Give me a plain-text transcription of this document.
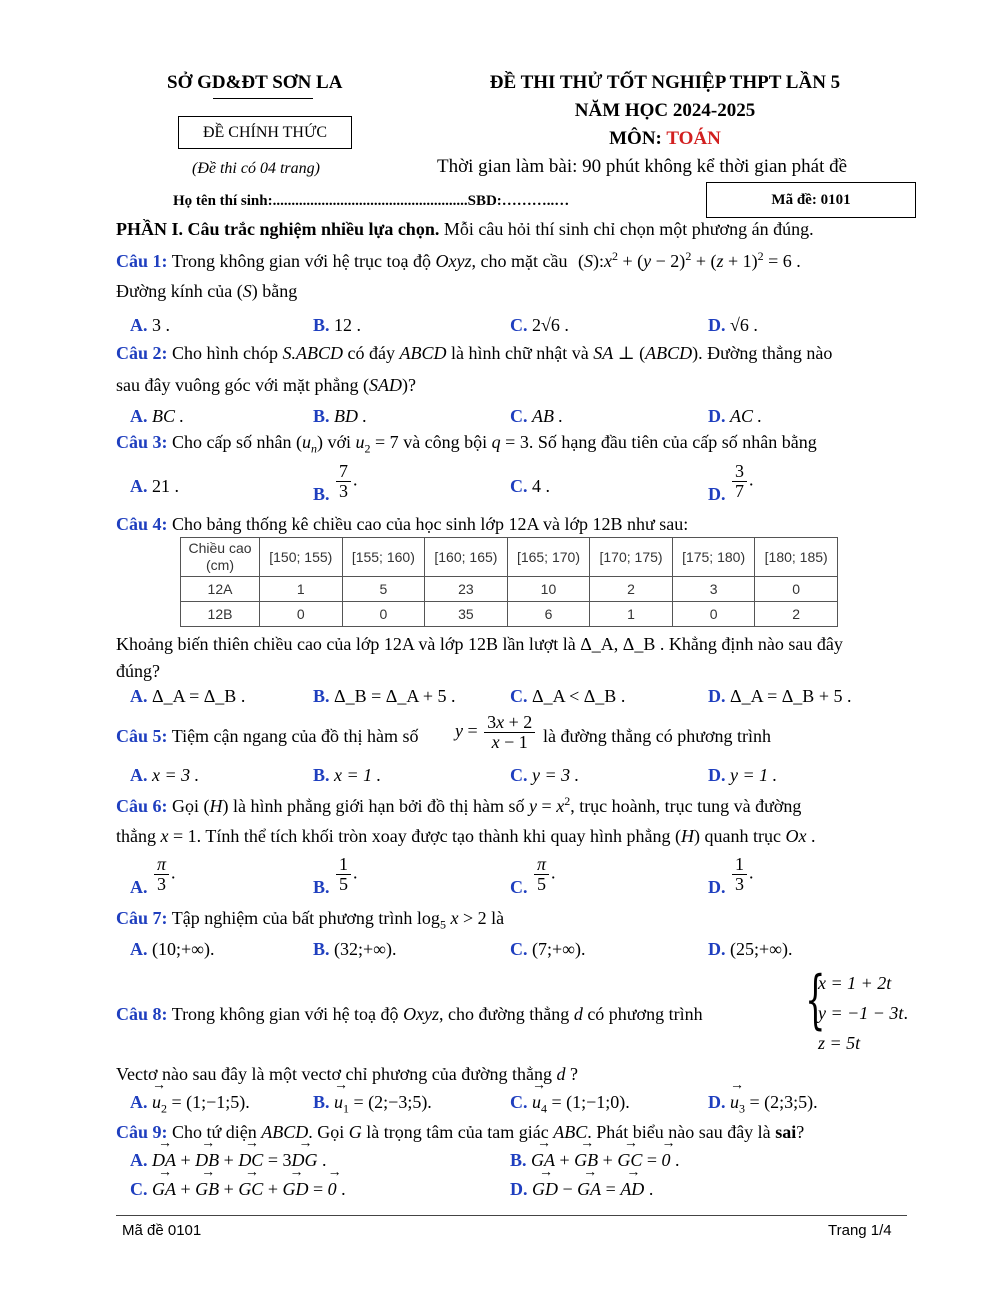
SỞ GD&ĐT SƠN LA
ĐỀ CHÍNH THỨC
(Đề thi có 04 trang)
ĐỀ THI THỬ TỐT NGHIỆP THPT LẦN 5
NĂM HỌC 2024-2025
MÔN: TOÁN
Thời gian làm bài: 90 phút không kể thời gian phát đề
Họ tên thí sinh:....................................................SBD:………..…	Mã đề: 0101
PHẦN I. Câu trắc nghiệm nhiều lựa chọn. Mỗi câu hỏi thí sinh chỉ chọn một phương án đúng.
Câu 1: Trong không gian với hệ trục toạ độ Oxyz, cho mặt cầu $(S):x^2 + (y - 2)^2 + (z + 1)^2 = 6$ .
Đường kính của (S) bằng
A. 3 .	B. 12 .	C. 2√6 .	D. √6 .
Câu 2: Cho hình chóp S.ABCD có đáy ABCD là hình chữ nhật và SA ⊥ (ABCD). Đường thẳng nào
sau đây vuông góc với mặt phẳng (SAD)?
A. BC .	B. BD .	C. AB .	D. AC .
Câu 3: Cho cấp số nhân $(u_n)$ với $u_2 = 7$ và công bội q = 3. Số hạng đầu tiên của cấp số nhân bằng
A. 21 .	B. $\frac{7}{3}$ .	C. 4 .	D. $\frac{3}{7}$ .
Câu 4: Cho bảng thống kê chiều cao của học sinh lớp 12A và lớp 12B như sau:
Chiều cao (cm)	[150; 155)	[155; 160)	[160; 165)	[165; 170)	[170; 175)	[175; 180)	[180; 185)
12A	1	5	23	10	2	3	0
12B	0	0	35	6	1	0	2
Khoảng biến thiên chiều cao của lớp 12A và lớp 12B lần lượt là Δ_A, Δ_B . Khẳng định nào sau đây
đúng?
A. Δ_A = Δ_B .	B. Δ_B = Δ_A + 5 .	C. Δ_A < Δ_B .	D. Δ_A = Δ_B + 5 .
Câu 5: Tiệm cận ngang của đồ thị hàm số $y = \frac{3x + 2}{x - 1}$ là đường thẳng có phương trình
A. x = 3 .	B. x = 1 .	C. y = 3 .	D. y = 1 .
Câu 6: Gọi (H) là hình phẳng giới hạn bởi đồ thị hàm số $y = x^2$, trục hoành, trục tung và đường
thẳng x = 1. Tính thể tích khối tròn xoay được tạo thành khi quay hình phẳng (H) quanh trục Ox .
A. $\frac{\pi}{3}$ .
B. $\frac{1}{5}$ .
C. $\frac{\pi}{5}$ .
D. $\frac{1}{3}$ .
Câu 7: Tập nghiệm của bất phương trình $\log_5 x > 2$ là
A. (10;+∞).	B. (32;+∞).	C. (7;+∞).	D. (25;+∞).
Câu 8: Trong không gian với hệ toạ độ Oxyz, cho đường thẳng d có phương trình {
x = 1 + 2t
y = −1 − 3t.
z = 5t
Vectơ nào sau đây là một vectơ chỉ phương của đường thẳng d ?
A. → $u_2$ = (1;−1;5).	B. → $u_1$ = (2;−3;5).	C. → $u_4$ = (1;−1;0).	D. → $u_3$ = (2;3;5).
Câu 9: Cho tứ diện ABCD. Gọi G là trọng tâm của tam giác ABC. Phát biểu nào sau đây là sai?
A. → DA + → DB + → DC = 3→ DG .	B. → GA + → GB + → GC = → 0 .
C. → GA + → GB + → GC + → GD = → 0 .	D. → GD − → GA = → AD .
Mã đề 0101	Trang 1/4
